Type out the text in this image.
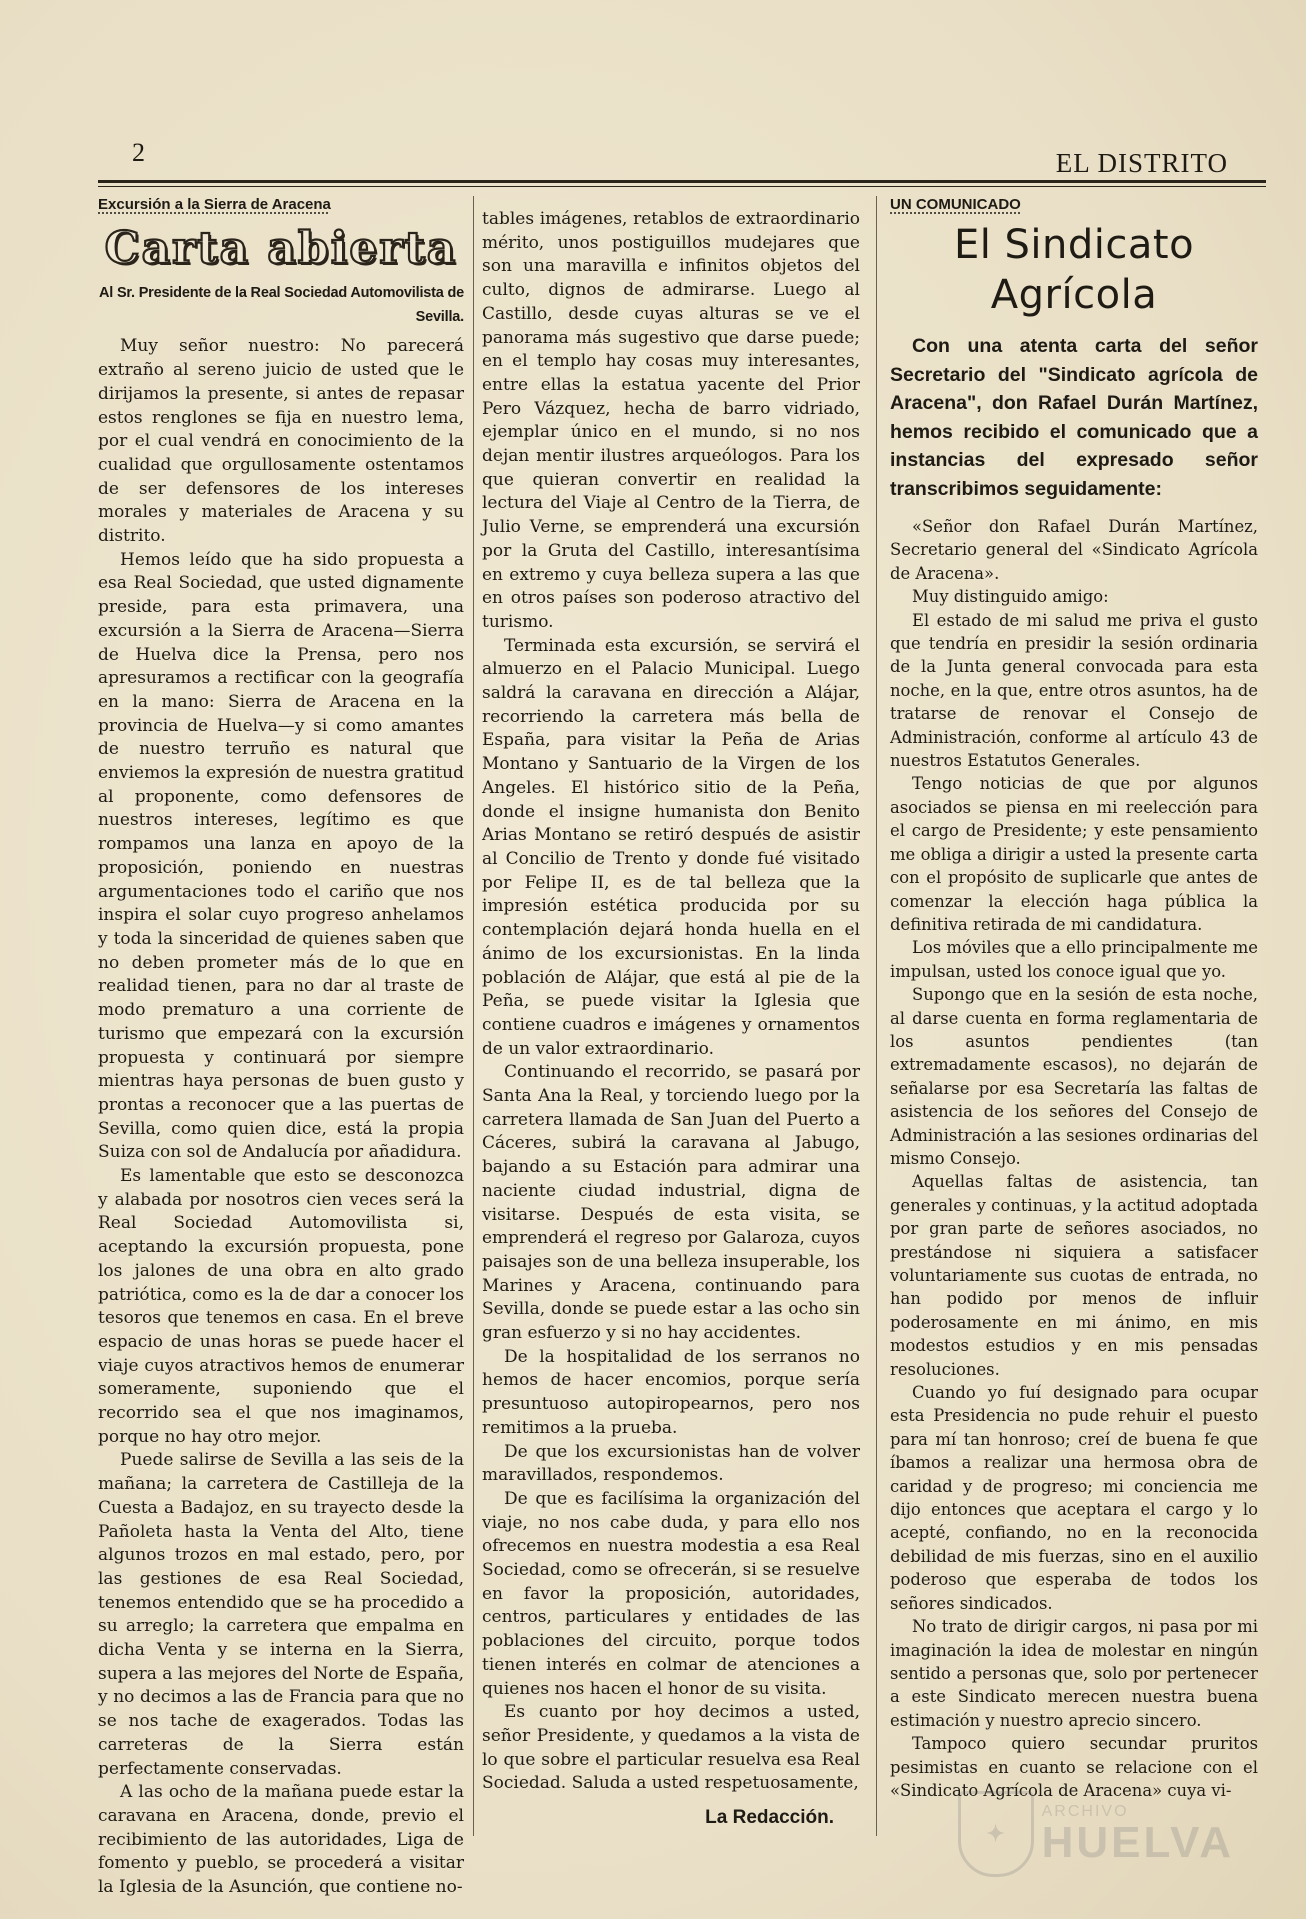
2	EL DISTRITO
Excursión a la Sierra de Aracena
Carta abierta
Al Sr. Presidente de la Real Sociedad Automovilista de Sevilla.

Muy señor nuestro: No parecerá extraño al sereno juicio de usted que le dirijamos la presente, si antes de repasar estos renglones se fija en nuestro lema, por el cual vendrá en conocimiento de la cualidad que orgullosamente ostentamos de ser defensores de los intereses morales y materiales de Aracena y su distrito.

Hemos leído que ha sido propuesta a esa Real Sociedad, que usted dignamente preside, para esta primavera, una excursión a la Sierra de Aracena—Sierra de Huelva dice la Prensa, pero nos apresuramos a rectificar con la geografía en la mano: Sierra de Aracena en la provincia de Huelva—y si como amantes de nuestro terruño es natural que enviemos la expresión de nuestra gratitud al proponente, como defensores de nuestros intereses, legítimo es que rompamos una lanza en apoyo de la proposición, poniendo en nuestras argumentaciones todo el cariño que nos inspira el solar cuyo progreso anhelamos y toda la sinceridad de quienes saben que no deben prometer más de lo que en realidad tienen, para no dar al traste de modo prematuro a una corriente de turismo que empezará con la excursión propuesta y continuará por siempre mientras haya personas de buen gusto y prontas a reconocer que a las puertas de Sevilla, como quien dice, está la propia Suiza con sol de Andalucía por añadidura.

Es lamentable que esto se desconozca y alabada por nosotros cien veces será la Real Sociedad Automovilista si, aceptando la excursión propuesta, pone los jalones de una obra en alto grado patriótica, como es la de dar a conocer los tesoros que tenemos en casa. En el breve espacio de unas horas se puede hacer el viaje cuyos atractivos hemos de enumerar someramente, suponiendo que el recorrido sea el que nos imaginamos, porque no hay otro mejor.

Puede salirse de Sevilla a las seis de la mañana; la carretera de Castilleja de la Cuesta a Badajoz, en su trayecto desde la Pañoleta hasta la Venta del Alto, tiene algunos trozos en mal estado, pero, por las gestiones de esa Real Sociedad, tenemos entendido que se ha procedido a su arreglo; la carretera que empalma en dicha Venta y se interna en la Sierra, supera a las mejores del Norte de España, y no decimos a las de Francia para que no se nos tache de exagerados. Todas las carreteras de la Sierra están perfectamente conservadas.

A las ocho de la mañana puede estar la caravana en Aracena, donde, previo el recibimiento de las autoridades, Liga de fomento y pueblo, se procederá a visitar la Iglesia de la Asunción, que contiene no-

tables imágenes, retablos de extraordinario mérito, unos postiguillos mudejares que son una maravilla e infinitos objetos del culto, dignos de admirarse. Luego al Castillo, desde cuyas alturas se ve el panorama más sugestivo que darse puede; en el templo hay cosas muy interesantes, entre ellas la estatua yacente del Prior Pero Vázquez, hecha de barro vidriado, ejemplar único en el mundo, si no nos dejan mentir ilustres arqueólogos. Para los que quieran convertir en realidad la lectura del Viaje al Centro de la Tierra, de Julio Verne, se emprenderá una excursión por la Gruta del Castillo, interesantísima en extremo y cuya belleza supera a las que en otros países son poderoso atractivo del turismo.

Terminada esta excursión, se servirá el almuerzo en el Palacio Municipal. Luego saldrá la caravana en dirección a Alájar, recorriendo la carretera más bella de España, para visitar la Peña de Arias Montano y Santuario de la Virgen de los Angeles. El histórico sitio de la Peña, donde el insigne humanista don Benito Arias Montano se retiró después de asistir al Concilio de Trento y donde fué visitado por Felipe II, es de tal belleza que la impresión estética producida por su contemplación dejará honda huella en el ánimo de los excursionistas. En la linda población de Alájar, que está al pie de la Peña, se puede visitar la Iglesia que contiene cuadros e imágenes y ornamentos de un valor extraordinario.

Continuando el recorrido, se pasará por Santa Ana la Real, y torciendo luego por la carretera llamada de San Juan del Puerto a Cáceres, subirá la caravana al Jabugo, bajando a su Estación para admirar una naciente ciudad industrial, digna de visitarse. Después de esta visita, se emprenderá el regreso por Galaroza, cuyos paisajes son de una belleza insuperable, los Marines y Aracena, continuando para Sevilla, donde se puede estar a las ocho sin gran esfuerzo y si no hay accidentes.

De la hospitalidad de los serranos no hemos de hacer encomios, porque sería presuntuoso autopiropearnos, pero nos remitimos a la prueba.

De que los excursionistas han de volver maravillados, respondemos.

De que es facilísima la organización del viaje, no nos cabe duda, y para ello nos ofrecemos en nuestra modestia a esa Real Sociedad, como se ofrecerán, si se resuelve en favor la proposición, autoridades, centros, particulares y entidades de las poblaciones del circuito, porque todos tienen interés en colmar de atenciones a quienes nos hacen el honor de su visita.

Es cuanto por hoy decimos a usted, señor Presidente, y quedamos a la vista de lo que sobre el particular resuelva esa Real Sociedad. Saluda a usted respetuosamente,

La Redacción.
UN COMUNICADO
El Sindicato Agrícola
Con una atenta carta del señor Secretario del "Sindicato agrícola de Aracena", don Rafael Durán Martínez, hemos recibido el comunicado que a instancias del expresado señor transcribimos seguidamente:

«Señor don Rafael Durán Martínez, Secretario general del «Sindicato Agrícola de Aracena».

Muy distinguido amigo:

El estado de mi salud me priva el gusto que tendría en presidir la sesión ordinaria de la Junta general convocada para esta noche, en la que, entre otros asuntos, ha de tratarse de renovar el Consejo de Administración, conforme al artículo 43 de nuestros Estatutos Generales.

Tengo noticias de que por algunos asociados se piensa en mi reelección para el cargo de Presidente; y este pensamiento me obliga a dirigir a usted la presente carta con el propósito de suplicarle que antes de comenzar la elección haga pública la definitiva retirada de mi candidatura.

Los móviles que a ello principalmente me impulsan, usted los conoce igual que yo.

Supongo que en la sesión de esta noche, al darse cuenta en forma reglamentaria de los asuntos pendientes (tan extremadamente escasos), no dejarán de señalarse por esa Secretaría las faltas de asistencia de los señores del Consejo de Administración a las sesiones ordinarias del mismo Consejo.

Aquellas faltas de asistencia, tan generales y continuas, y la actitud adoptada por gran parte de señores asociados, no prestándose ni siquiera a satisfacer voluntariamente sus cuotas de entrada, no han podido por menos de influir poderosamente en mi ánimo, en mis modestos estudios y en mis pensadas resoluciones.

Cuando yo fuí designado para ocupar esta Presidencia no pude rehuir el puesto para mí tan honroso; creí de buena fe que íbamos a realizar una hermosa obra de caridad y de progreso; mi conciencia me dijo entonces que aceptara el cargo y lo acepté, confiando, no en la reconocida debilidad de mis fuerzas, sino en el auxilio poderoso que esperaba de todos los señores sindicados.

No trato de dirigir cargos, ni pasa por mi imaginación la idea de molestar en ningún sentido a personas que, solo por pertenecer a este Sindicato merecen nuestra buena estimación y nuestro aprecio sincero.

Tampoco quiero secundar pruritos pesimistas en cuanto se relacione con el «Sindicato Agrícola de Aracena» cuya vi-

✦
ARCHIVO
HUELVA
